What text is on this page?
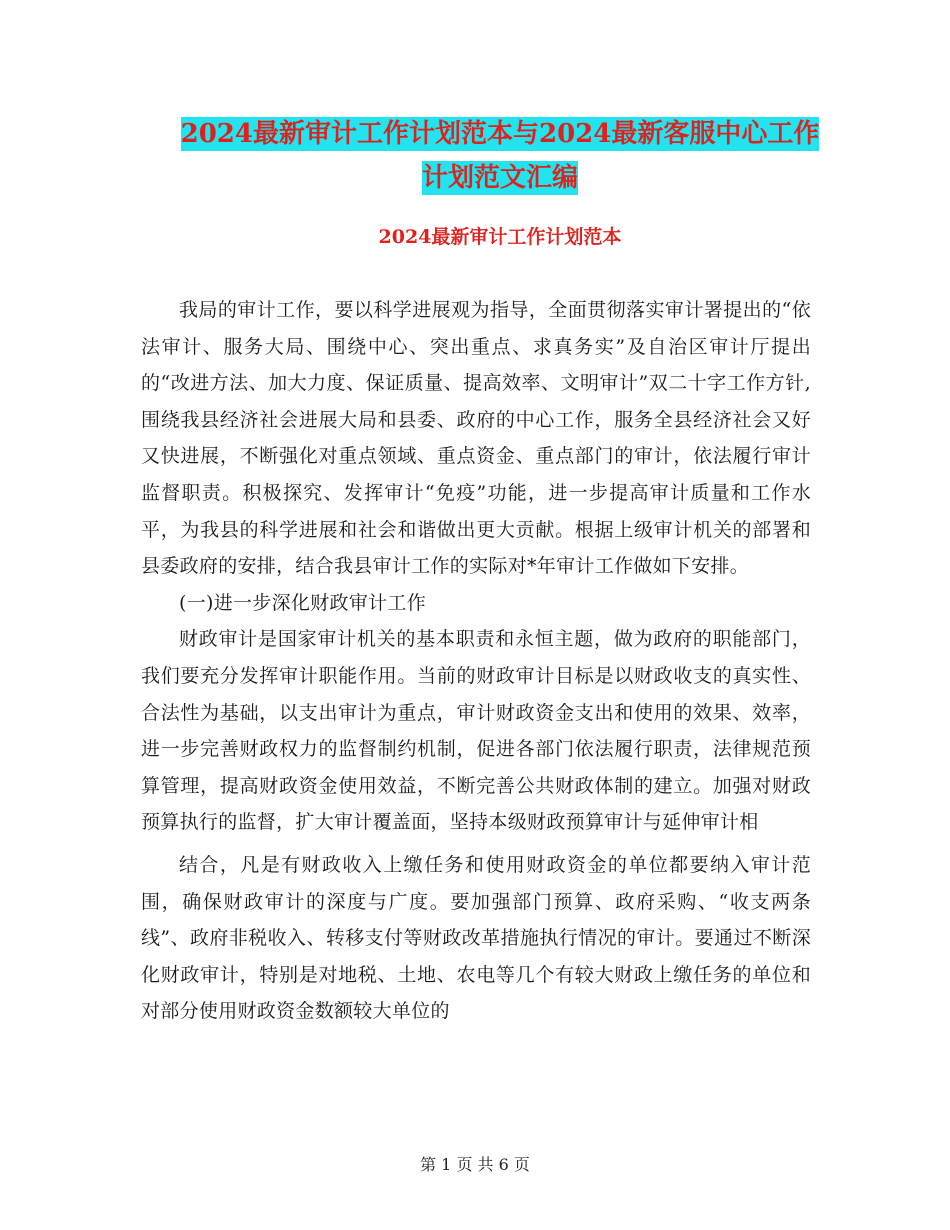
2024最新审计工作计划范本与2024最新客服中心工作
计划范文汇编
2024最新审计工作计划范本

我局的审计工作，要以科学进展观为指导，全面贯彻落实审计署提出的“依法审计、服务大局、围绕中心、突出重点、求真务实”及自治区审计厅提出的“改进方法、加大力度、保证质量、提高效率、文明审计”双二十字工作方针,围绕我县经济社会进展大局和县委、政府的中心工作，服务全县经济社会又好又快进展，不断强化对重点领域、重点资金、重点部门的审计，依法履行审计监督职责。积极探究、发挥审计“免疫”功能，进一步提高审计质量和工作水平，为我县的科学进展和社会和谐做出更大贡献。根据上级审计机关的部署和县委政府的安排，结合我县审计工作的实际对*年审计工作做如下安排。

(一)进一步深化财政审计工作

财政审计是国家审计机关的基本职责和永恒主题，做为政府的职能部门，我们要充分发挥审计职能作用。当前的财政审计目标是以财政收支的真实性、合法性为基础，以支出审计为重点，审计财政资金支出和使用的效果、效率，进一步完善财政权力的监督制约机制，促进各部门依法履行职责，法律规范预算管理，提高财政资金使用效益，不断完善公共财政体制的建立。加强对财政预算执行的监督，扩大审计覆盖面，坚持本级财政预算审计与延伸审计相

结合，凡是有财政收入上缴任务和使用财政资金的单位都要纳入审计范围，确保财政审计的深度与广度。要加强部门预算、政府采购、“收支两条线”、政府非税收入、转移支付等财政改革措施执行情况的审计。要通过不断深化财政审计，特别是对地税、土地、农电等几个有较大财政上缴任务的单位和对部分使用财政资金数额较大单位的

第 1 页 共 6 页
